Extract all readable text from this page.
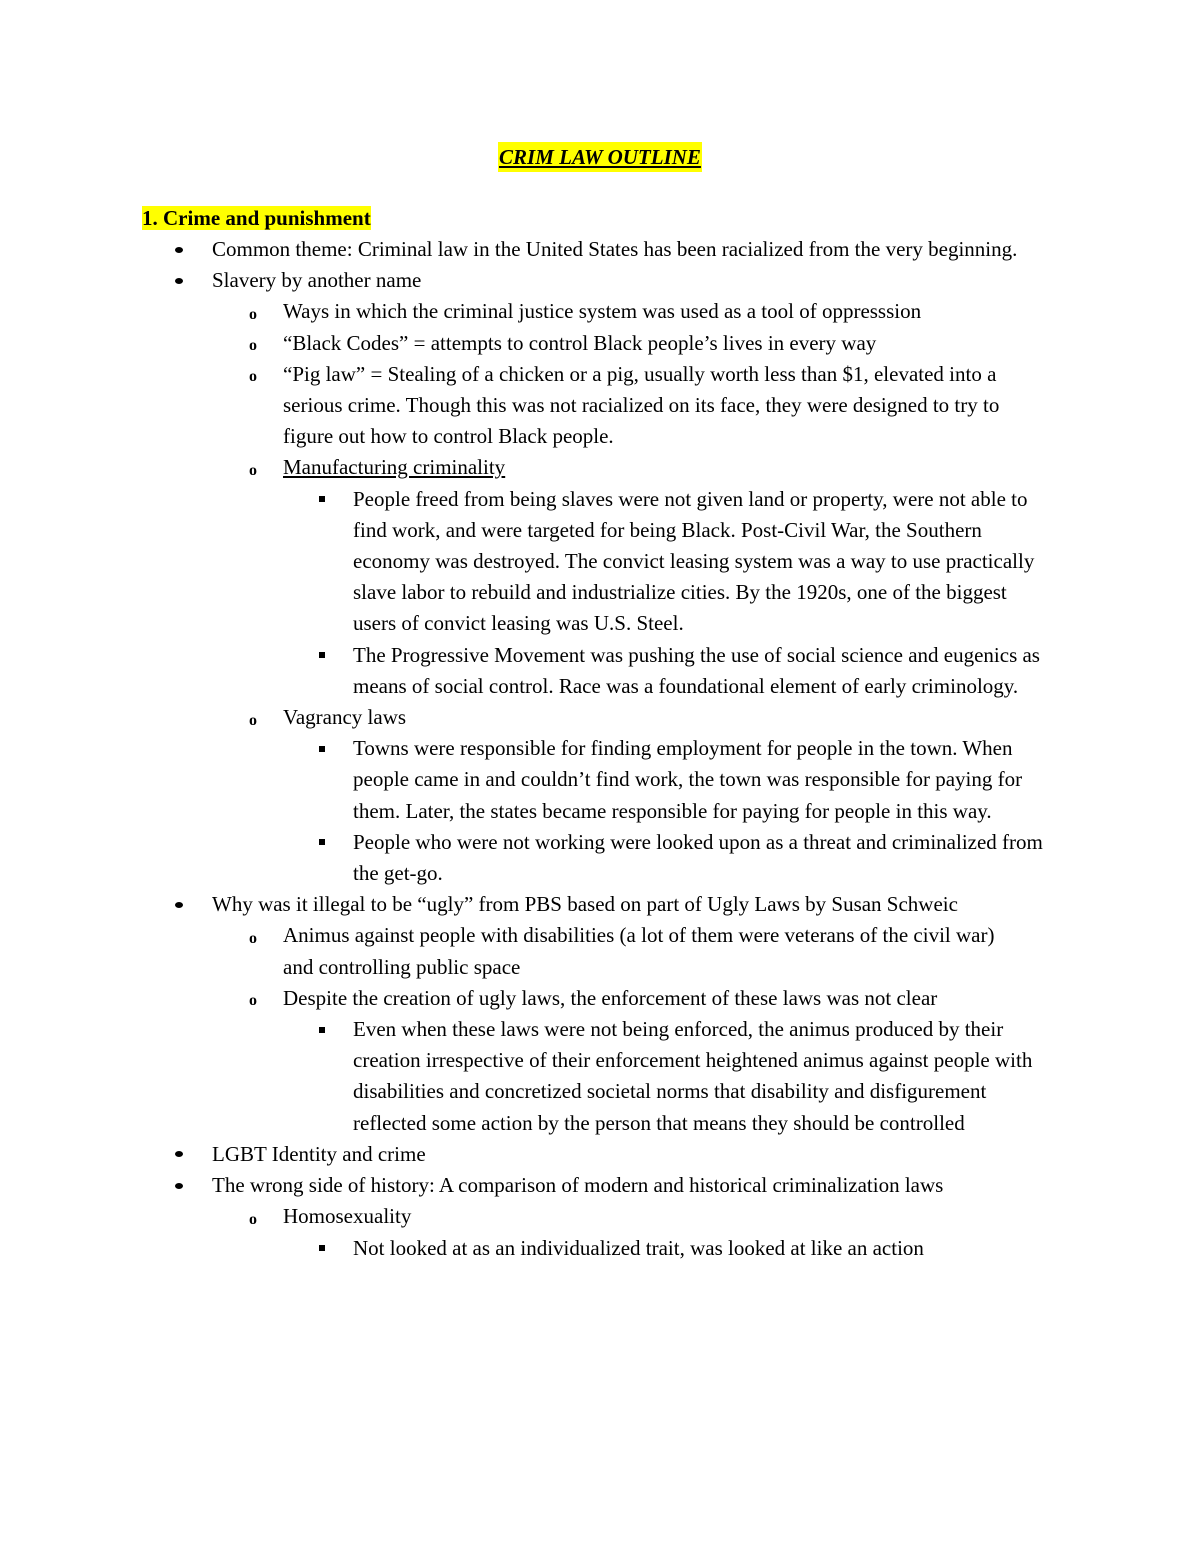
CRIM LAW OUTLINE
1. Crime and punishment
Common theme: Criminal law in the United States has been racialized from the very beginning.
Slavery by another name
o Ways in which the criminal justice system was used as a tool of oppresssion
o “Black Codes” = attempts to control Black people’s lives in every way
o “Pig law” = Stealing of a chicken or a pig, usually worth less than $1, elevated into a serious crime. Though this was not racialized on its face, they were designed to try to figure out how to control Black people.
o Manufacturing criminality
People freed from being slaves were not given land or property, were not able to find work, and were targeted for being Black. Post-Civil War, the Southern economy was destroyed. The convict leasing system was a way to use practically slave labor to rebuild and industrialize cities. By the 1920s, one of the biggest users of convict leasing was U.S. Steel.
The Progressive Movement was pushing the use of social science and eugenics as means of social control. Race was a foundational element of early criminology.
o Vagrancy laws
Towns were responsible for finding employment for people in the town. When people came in and couldn’t find work, the town was responsible for paying for them. Later, the states became responsible for paying for people in this way.
People who were not working were looked upon as a threat and criminalized from the get-go.
Why was it illegal to be “ugly” from PBS based on part of Ugly Laws by Susan Schweic
o Animus against people with disabilities (a lot of them were veterans of the civil war) and controlling public space
o Despite the creation of ugly laws, the enforcement of these laws was not clear
Even when these laws were not being enforced, the animus produced by their creation irrespective of their enforcement heightened animus against people with disabilities and concretized societal norms that disability and disfigurement reflected some action by the person that means they should be controlled
LGBT Identity and crime
The wrong side of history: A comparison of modern and historical criminalization laws
o Homosexuality
Not looked at as an individualized trait, was looked at like an action
